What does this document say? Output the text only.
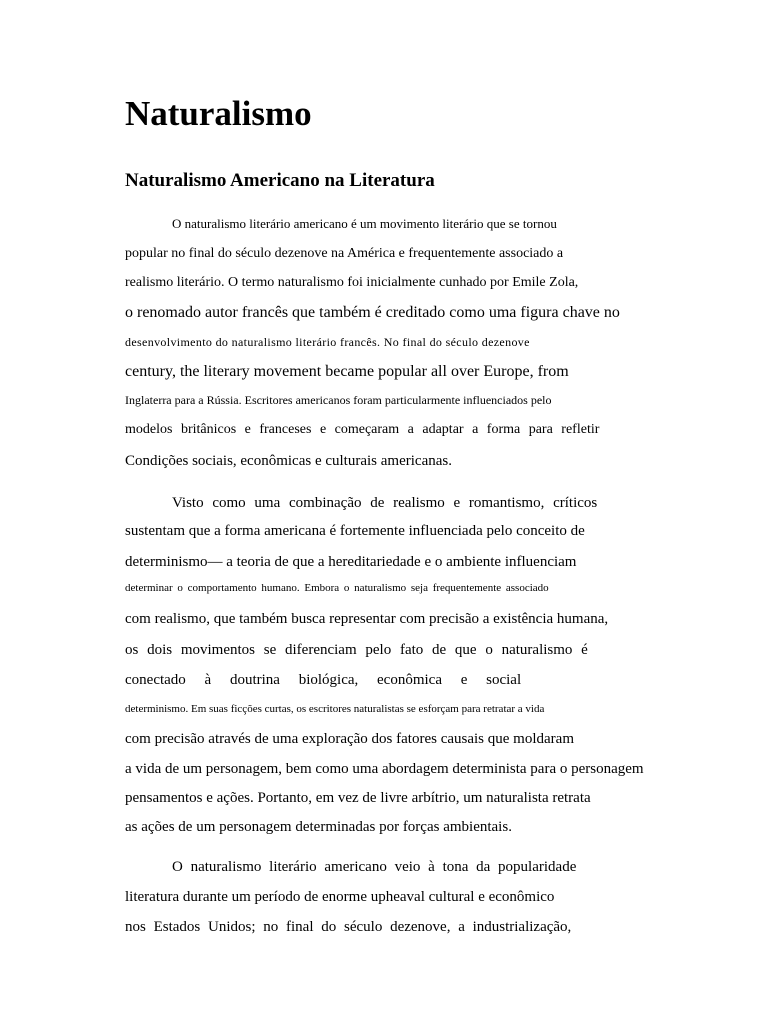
Naturalismo
Naturalismo Americano na Literatura
O naturalismo literário americano é um movimento literário que se tornou
popular no final do século dezenove na América e frequentemente associado a
realismo literário. O termo naturalismo foi inicialmente cunhado por Emile Zola,
o renomado autor francês que também é creditado como uma figura chave no
desenvolvimento do naturalismo literário francês. No final do século dezenove
century, the literary movement became popular all over Europe, from
Inglaterra para a Rússia. Escritores americanos foram particularmente influenciados pelo
modelos britânicos e franceses e começaram a adaptar a forma para refletir
Condições sociais, econômicas e culturais americanas.
Visto como uma combinação de realismo e romantismo, críticos
sustentam que a forma americana é fortemente influenciada pelo conceito de
determinismo— a teoria de que a hereditariedade e o ambiente influenciam
determinar o comportamento humano. Embora o naturalismo seja frequentemente associado
com realismo, que também busca representar com precisão a existência humana,
os dois movimentos se diferenciam pelo fato de que o naturalismo é
conectado à doutrina biológica, econômica e social
determinismo. Em suas ficções curtas, os escritores naturalistas se esforçam para retratar a vida
com precisão através de uma exploração dos fatores causais que moldaram
a vida de um personagem, bem como uma abordagem determinista para o personagem
pensamentos e ações. Portanto, em vez de livre arbítrio, um naturalista retrata
as ações de um personagem determinadas por forças ambientais.
O naturalismo literário americano veio à tona da popularidade
literatura durante um período de enorme upheaval cultural e econômico
nos Estados Unidos; no final do século dezenove, a industrialização,
